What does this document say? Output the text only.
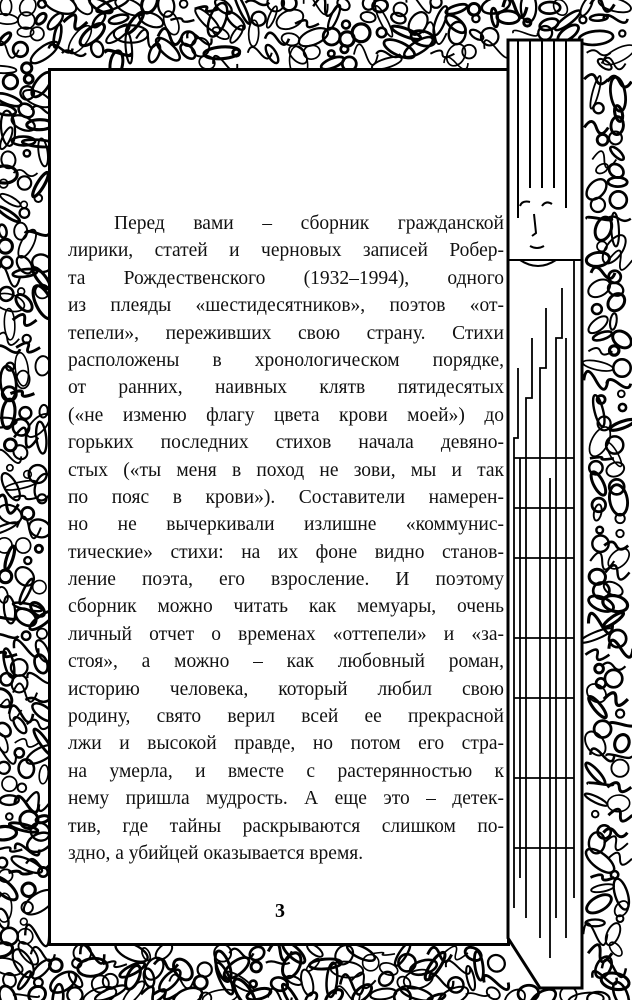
Перед вами – сборник гражданской
лирики, статей и черновых записей Робер-
та Рождественского (1932–1994), одного
из плеяды «шестидесятников», поэтов «от-
тепели», переживших свою страну. Стихи
расположены в хронологическом порядке,
от ранних, наивных клятв пятидесятых
(«не изменю флагу цвета крови моей») до
горьких последних стихов начала девяно-
стых («ты меня в поход не зови, мы и так
по пояс в крови»). Составители намерен-
но не вычеркивали излишне «коммунис-
тические» стихи: на их фоне видно станов-
ление поэта, его взросление. И поэтому
сборник можно читать как мемуары, очень
личный отчет о временах «оттепели» и «за-
стоя», а можно – как любовный роман,
историю человека, который любил свою
родину, свято верил всей ее прекрасной
лжи и высокой правде, но потом его стра-
на умерла, и вместе с растерянностью к
нему пришла мудрость. А еще это – детек-
тив, где тайны раскрываются слишком по-
здно, а убийцей оказывается время.
3
